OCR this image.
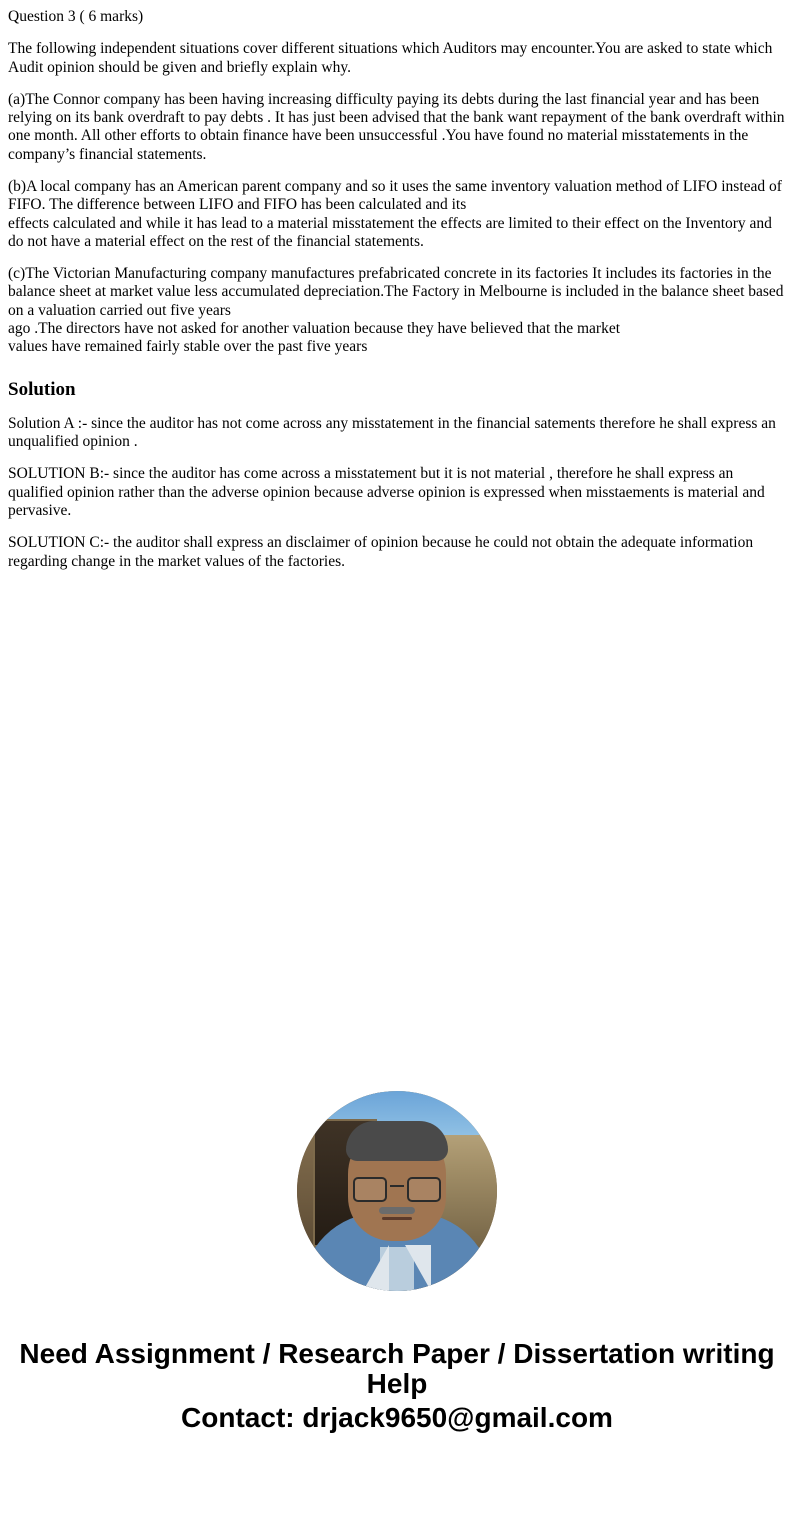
Question 3 ( 6 marks)

The following independent situations cover different situations which Auditors may encounter.You are asked to state which Audit opinion should be given and briefly explain why.

(a)The Connor company has been having increasing difficulty paying its debts during the last financial year and has been relying on its bank overdraft to pay debts . It has just been advised that the bank want repayment of the bank overdraft within one month. All other efforts to obtain finance have been unsuccessful .You have found no material misstatements in the company’s financial statements.

(b)A local company has an American parent company and so it uses the same inventory valuation method of LIFO instead of FIFO. The difference between LIFO and FIFO has been calculated and its

effects calculated and while it has lead to a material misstatement the effects are limited to their effect on the Inventory and do not have a material effect on the rest of the financial statements.

(c)The Victorian Manufacturing company manufactures prefabricated concrete in its factories It includes its factories in the balance sheet at market value less accumulated depreciation.The Factory in Melbourne is included in the balance sheet based on a valuation carried out five years

ago .The directors have not asked for another valuation because they have believed that the market

values have remained fairly stable over the past five years

Solution

Solution A :- since the auditor has not come across any misstatement in the financial satements therefore he shall express an unqualified opinion .

SOLUTION B:- since the auditor has come across a misstatement but it is not material , therefore he shall express an qualified opinion rather than the adverse opinion because adverse opinion is expressed when misstaements is material and pervasive.

SOLUTION C:- the auditor shall express an disclaimer of opinion because he could not obtain the adequate information regarding change in the market values of the factories.

Need Assignment / Research Paper / Dissertation writing Help
Contact: drjack9650@gmail.com
